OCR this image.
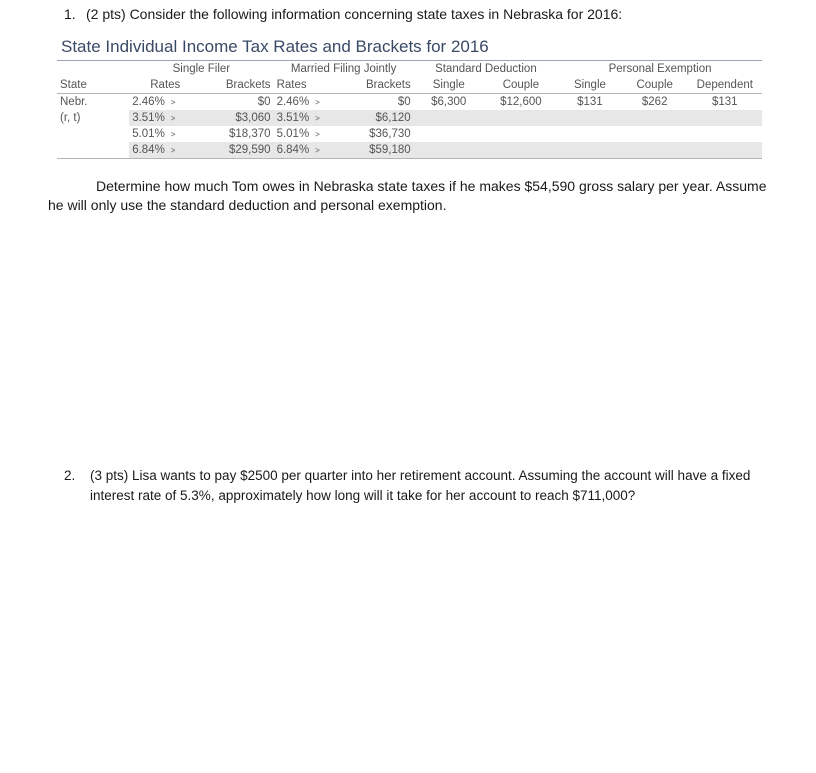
1. (2 pts) Consider the following information concerning state taxes in Nebraska for 2016:
State Individual Income Tax Rates and Brackets for 2016
	Single Filer		Married Filing Jointly		Standard Deduction		Personal Exemption		
State	Rates	Brackets	Rates	Brackets	Single	Couple	Single	Couple	Dependent
Nebr.	2.46% >	$0	2.46% >	$0	$6,300	$12,600	$131	$262	$131
(r, t)	3.51% >	$3,060	3.51% >	$6,120					
	5.01% >	$18,370	5.01% >	$36,730					
	6.84% >	$29,590	6.84% >	$59,180					
Determine how much Tom owes in Nebraska state taxes if he makes $54,590 gross salary per year. Assume he will only use the standard deduction and personal exemption.
2. (3 pts) Lisa wants to pay $2500 per quarter into her retirement account. Assuming the account will have a fixed interest rate of 5.3%, approximately how long will it take for her account to reach $711,000?
